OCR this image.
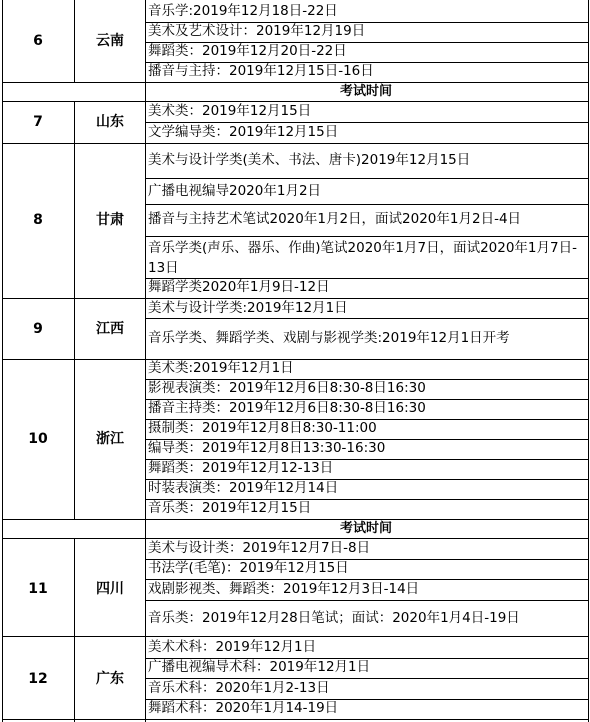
6	云南
音乐学:2019年12月18日-22日
美术及艺术设计：2019年12月19日
舞蹈类：2019年12月20日-22日
播音与主持：2019年12月15日-16日
考试时间
7	山东
美术类：2019年12月15日
文学编导类：2019年12月15日
8	甘肃
美术与设计学类(美术、书法、唐卡)2019年12月15日
广播电视编导2020年1月2日
播音与主持艺术笔试2020年1月2日，面试2020年1月2日-4日
音乐学类(声乐、器乐、作曲)笔试2020年1月7日，面试2020年1月7日-13日
舞蹈学类2020年1月9日-12日
9	江西
美术与设计学类:2019年12月1日
音乐学类、舞蹈学类、戏剧与影视学类:2019年12月1日开考
10	浙江
美术类:2019年12月1日
影视表演类：2019年12月6日8:30-8日16:30
播音主持类：2019年12月6日8:30-8日16:30
摄制类：2019年12月8日8:30-11:00
编导类：2019年12月8日13:30-16:30
舞蹈类：2019年12月12-13日
时装表演类：2019年12月14日
音乐类：2019年12月15日
考试时间
11	四川
美术与设计类：2019年12月7日-8日
书法学(毛笔)：2019年12月15日
戏剧影视类、舞蹈类：2019年12月3日-14日
音乐类：2019年12月28日笔试；面试：2020年1月4日-19日
12	广东
美术术科：2019年12月1日
广播电视编导术科：2019年12月1日
音乐术科：2020年1月2-13日
舞蹈术科：2020年1月14-19日
